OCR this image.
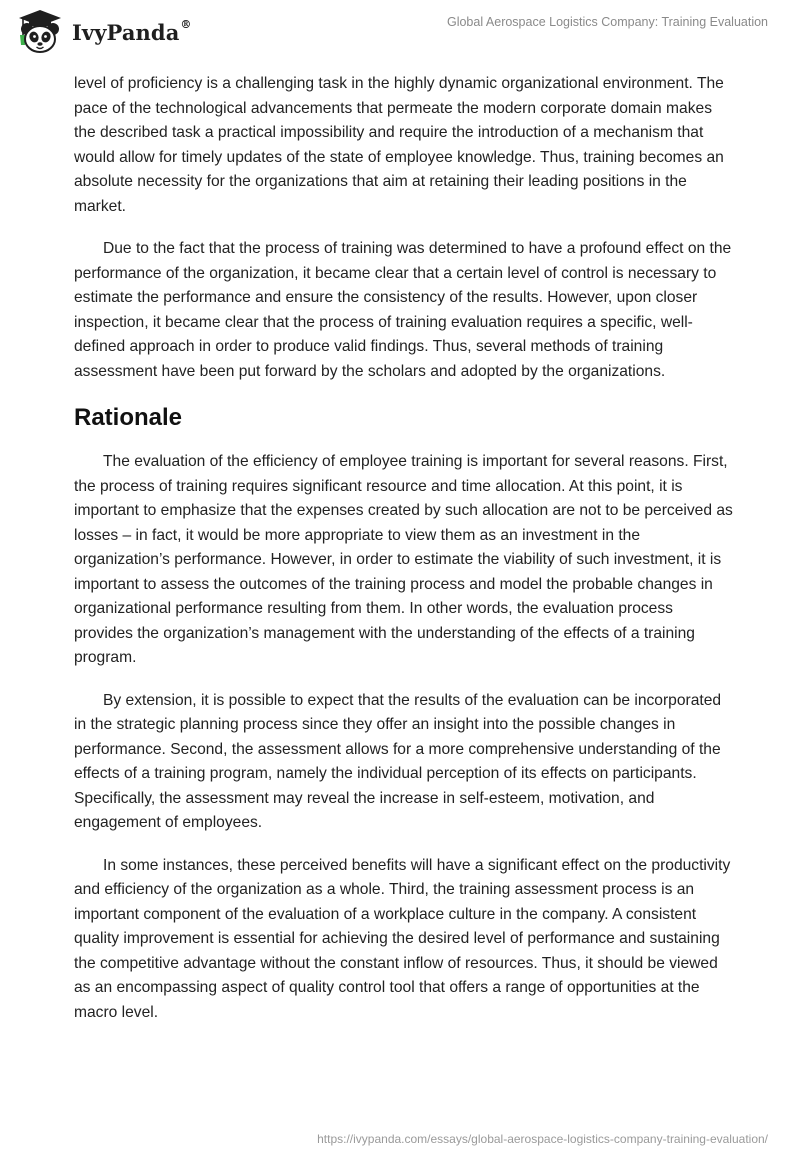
IvyPanda®	Global Aerospace Logistics Company: Training Evaluation

level of proficiency is a challenging task in the highly dynamic organizational environment. The pace of the technological advancements that permeate the modern corporate domain makes the described task a practical impossibility and require the introduction of a mechanism that would allow for timely updates of the state of employee knowledge. Thus, training becomes an absolute necessity for the organizations that aim at retaining their leading positions in the market.

Due to the fact that the process of training was determined to have a profound effect on the performance of the organization, it became clear that a certain level of control is necessary to estimate the performance and ensure the consistency of the results. However, upon closer inspection, it became clear that the process of training evaluation requires a specific, well-defined approach in order to produce valid findings. Thus, several methods of training assessment have been put forward by the scholars and adopted by the organizations.

Rationale

The evaluation of the efficiency of employee training is important for several reasons. First, the process of training requires significant resource and time allocation. At this point, it is important to emphasize that the expenses created by such allocation are not to be perceived as losses – in fact, it would be more appropriate to view them as an investment in the organization’s performance. However, in order to estimate the viability of such investment, it is important to assess the outcomes of the training process and model the probable changes in organizational performance resulting from them. In other words, the evaluation process provides the organization’s management with the understanding of the effects of a training program.

By extension, it is possible to expect that the results of the evaluation can be incorporated in the strategic planning process since they offer an insight into the possible changes in performance. Second, the assessment allows for a more comprehensive understanding of the effects of a training program, namely the individual perception of its effects on participants. Specifically, the assessment may reveal the increase in self-esteem, motivation, and engagement of employees.

In some instances, these perceived benefits will have a significant effect on the productivity and efficiency of the organization as a whole. Third, the training assessment process is an important component of the evaluation of a workplace culture in the company. A consistent quality improvement is essential for achieving the desired level of performance and sustaining the competitive advantage without the constant inflow of resources. Thus, it should be viewed as an encompassing aspect of quality control tool that offers a range of opportunities at the macro level.

https://ivypanda.com/essays/global-aerospace-logistics-company-training-evaluation/
